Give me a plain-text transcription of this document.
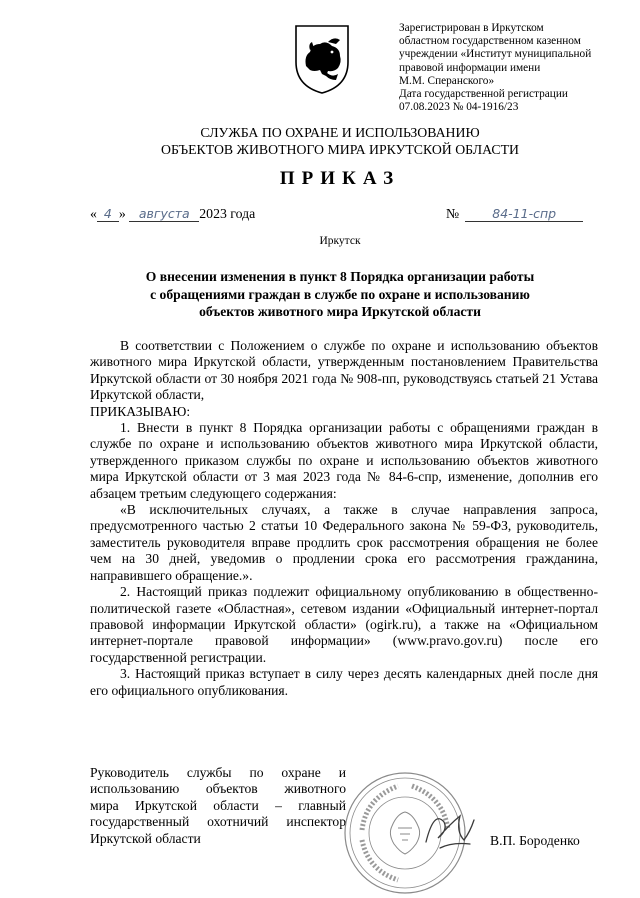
Зарегистрирован в Иркутском
областном государственном казенном
учреждении «Институт муниципальной
правовой информации имени
М.М. Сперанского»
Дата государственной регистрации
07.08.2023 № 04-1916/23
СЛУЖБА ПО ОХРАНЕ И ИСПОЛЬЗОВАНИЮ
ОБЪЕКТОВ ЖИВОТНОГО МИРА ИРКУТСКОЙ ОБЛАСТИ
ПРИКАЗ
« 4 » августа 2023 года	№	84-11-спр
Иркутск
О внесении изменения в пункт 8 Порядка организации работы
с обращениями граждан в службе по охране и использованию
объектов животного мира Иркутской области

В соответствии с Положением о службе по охране и использованию объектов животного мира Иркутской области, утвержденным постановлением Правительства Иркутской области от 30 ноября 2021 года № 908-пп, руководствуясь статьей 21 Устава Иркутской области,

ПРИКАЗЫВАЮ:

1. Внести в пункт 8 Порядка организации работы с обращениями граждан в службе по охране и использованию объектов животного мира Иркутской области, утвержденного приказом службы по охране и использованию объектов животного мира Иркутской области от 3 мая 2023 года № 84-6-спр, изменение, дополнив его абзацем третьим следующего содержания:

«В исключительных случаях, а также в случае направления запроса, предусмотренного частью 2 статьи 10 Федерального закона № 59-ФЗ, руководитель, заместитель руководителя вправе продлить срок рассмотрения обращения не более чем на 30 дней, уведомив о продлении срока его рассмотрения гражданина, направившего обращение.».

2. Настоящий приказ подлежит официальному опубликованию в общественно-политической газете «Областная», сетевом издании «Официальный интернет-портал правовой информации Иркутской области» (ogirk.ru), а также на «Официальном интернет-портале правовой информации» (www.pravo.gov.ru) после его государственной регистрации.

3. Настоящий приказ вступает в силу через десять календарных дней после дня его официального опубликования.

Руководитель службы по охране и
использованию объектов животного
мира Иркутской области – главный
государственный охотничий инспектор
Иркутской области	В.П. Бороденко
